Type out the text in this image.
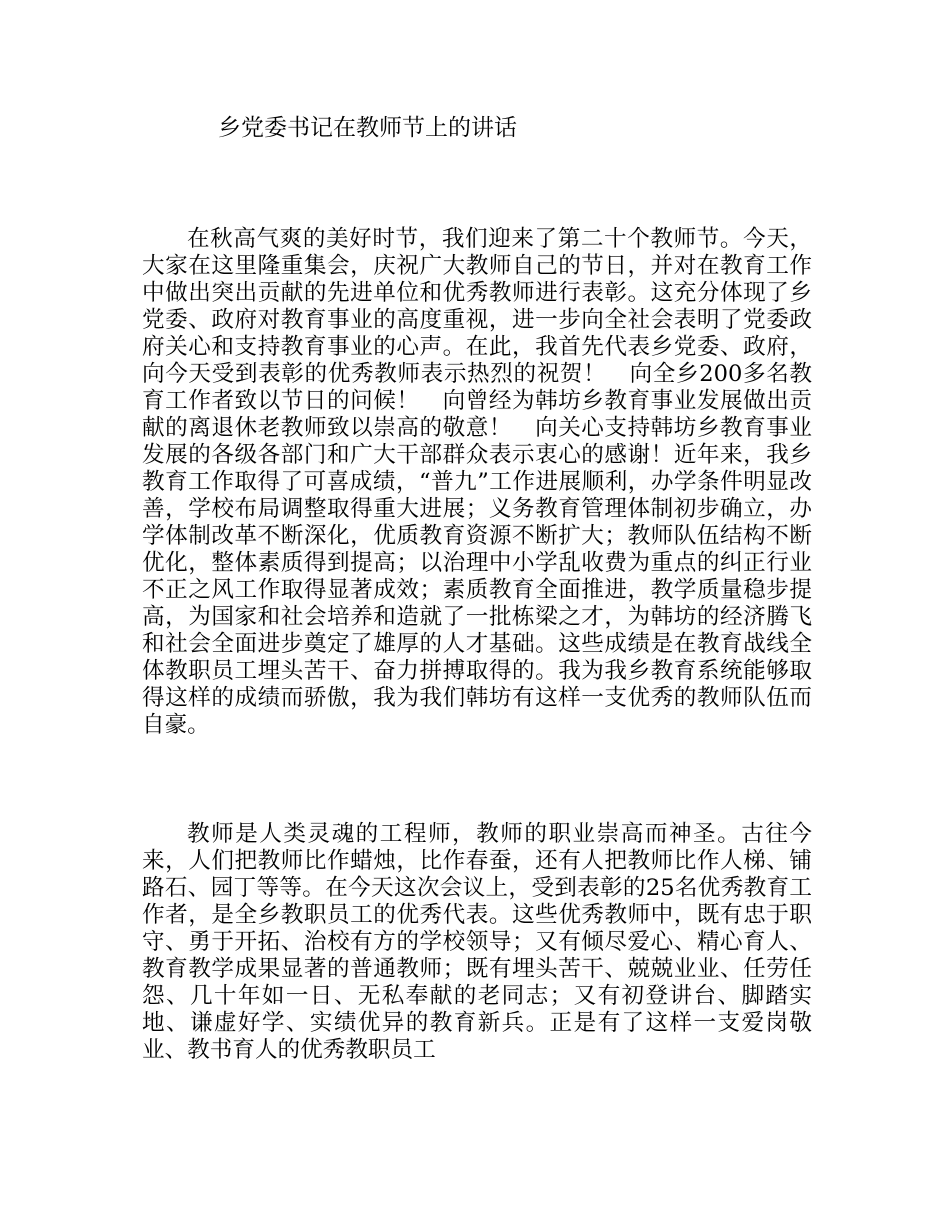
乡党委书记在教师节上的讲话

在秋高气爽的美好时节，我们迎来了第二十个教师节。今天，大家在这里隆重集会，庆祝广大教师自己的节日，并对在教育工作中做出突出贡献的先进单位和优秀教师进行表彰。这充分体现了乡党委、政府对教育事业的高度重视，进一步向全社会表明了党委政府关心和支持教育事业的心声。在此，我首先代表乡党委、政府，向今天受到表彰的优秀教师表示热烈的祝贺！　向全乡200多名教育工作者致以节日的问候！　向曾经为韩坊乡教育事业发展做出贡献的离退休老教师致以崇高的敬意！　向关心支持韩坊乡教育事业发展的各级各部门和广大干部群众表示衷心的感谢！近年来，我乡教育工作取得了可喜成绩，“普九”工作进展顺利，办学条件明显改善，学校布局调整取得重大进展；义务教育管理体制初步确立，办学体制改革不断深化，优质教育资源不断扩大；教师队伍结构不断优化，整体素质得到提高；以治理中小学乱收费为重点的纠正行业不正之风工作取得显著成效；素质教育全面推进，教学质量稳步提高，为国家和社会培养和造就了一批栋梁之才，为韩坊的经济腾飞和社会全面进步奠定了雄厚的人才基础。这些成绩是在教育战线全体教职员工埋头苦干、奋力拼搏取得的。我为我乡教育系统能够取得这样的成绩而骄傲，我为我们韩坊有这样一支优秀的教师队伍而自豪。

教师是人类灵魂的工程师，教师的职业崇高而神圣。古往今来，人们把教师比作蜡烛，比作春蚕，还有人把教师比作人梯、铺路石、园丁等等。在今天这次会议上，受到表彰的25名优秀教育工作者，是全乡教职员工的优秀代表。这些优秀教师中，既有忠于职守、勇于开拓、治校有方的学校领导；又有倾尽爱心、精心育人、教育教学成果显著的普通教师；既有埋头苦干、兢兢业业、任劳任怨、几十年如一日、无私奉献的老同志；又有初登讲台、脚踏实地、谦虚好学、实绩优异的教育新兵。正是有了这样一支爱岗敬业、教书育人的优秀教职员工
